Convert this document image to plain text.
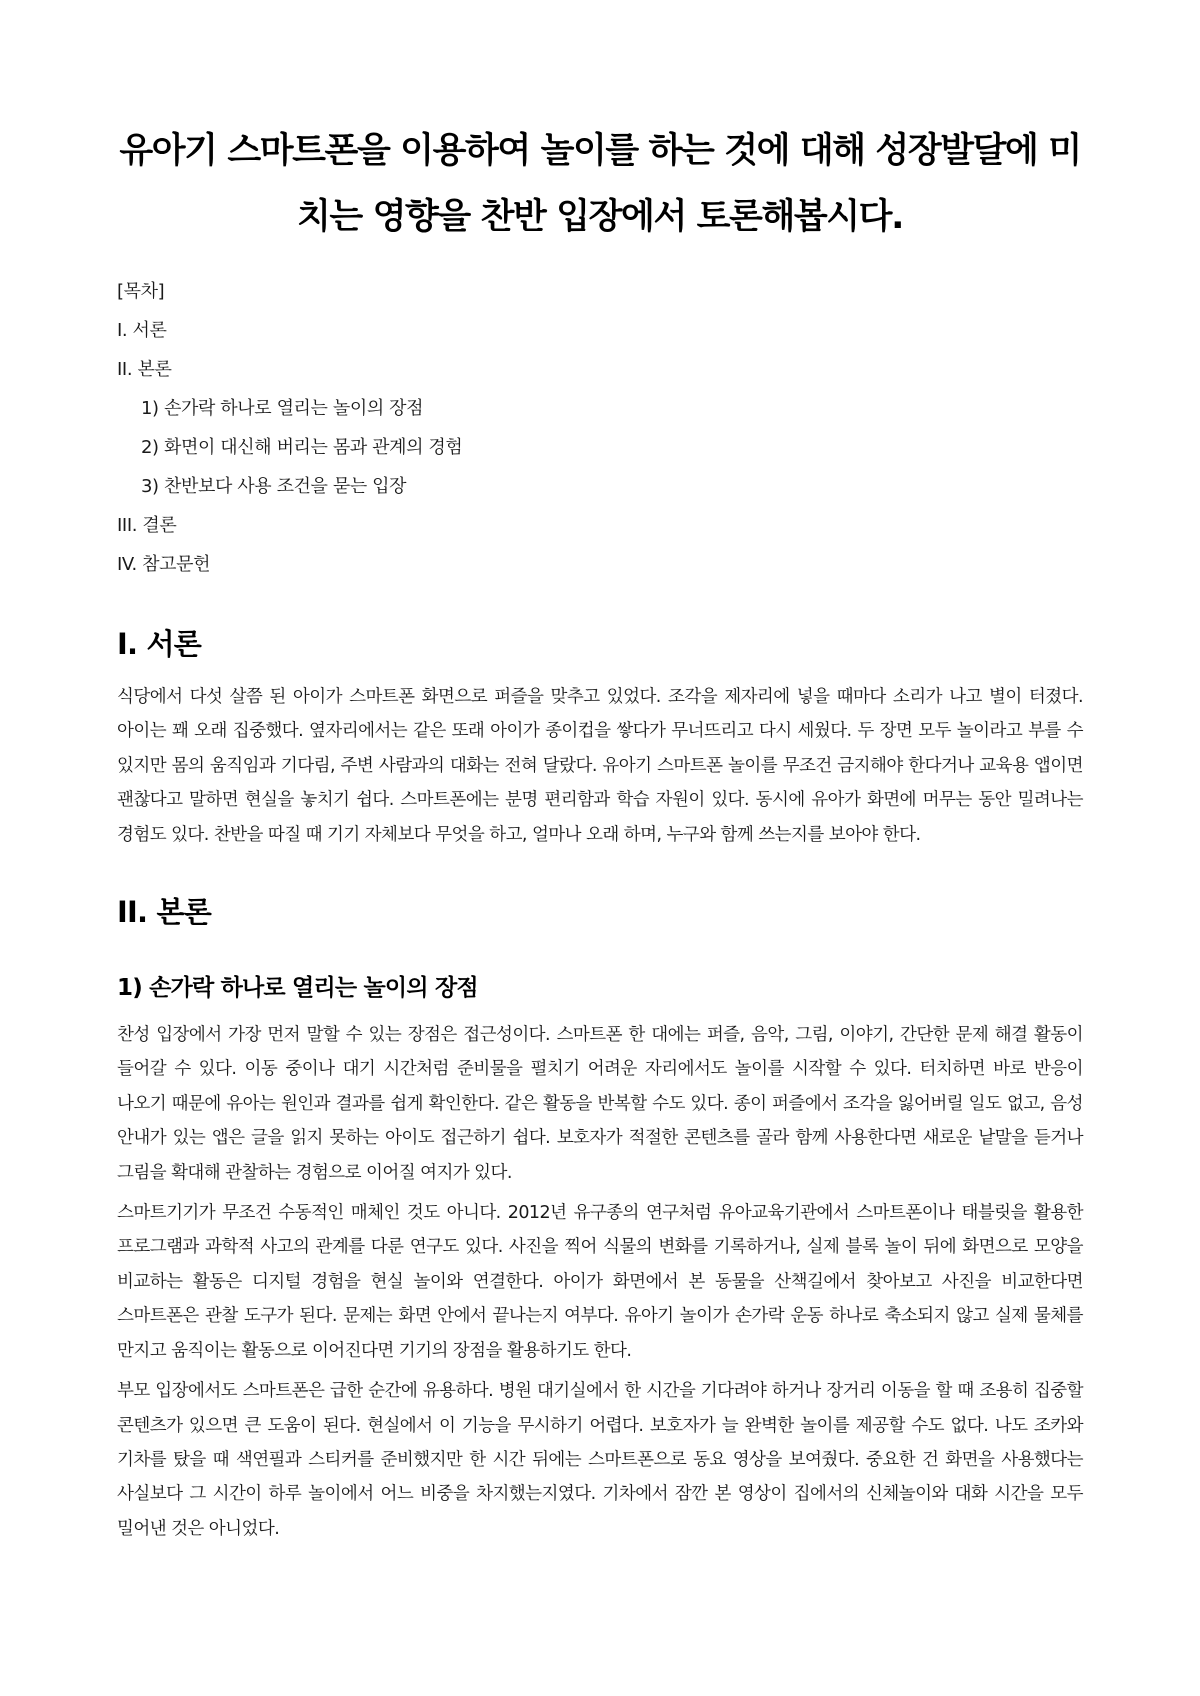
유아기 스마트폰을 이용하여 놀이를 하는 것에 대해 성장발달에 미치는 영향을 찬반 입장에서 토론해봅시다.
[목차]
I. 서론
II. 본론
1) 손가락 하나로 열리는 놀이의 장점
2) 화면이 대신해 버리는 몸과 관계의 경험
3) 찬반보다 사용 조건을 묻는 입장
III. 결론
IV. 참고문헌
I. 서론

식당에서 다섯 살쯤 된 아이가 스마트폰 화면으로 퍼즐을 맞추고 있었다. 조각을 제자리에 넣을 때마다 소리가 나고 별이 터졌다. 아이는 꽤 오래 집중했다. 옆자리에서는 같은 또래 아이가 종이컵을 쌓다가 무너뜨리고 다시 세웠다. 두 장면 모두 놀이라고 부를 수 있지만 몸의 움직임과 기다림, 주변 사람과의 대화는 전혀 달랐다. 유아기 스마트폰 놀이를 무조건 금지해야 한다거나 교육용 앱이면 괜찮다고 말하면 현실을 놓치기 쉽다. 스마트폰에는 분명 편리함과 학습 자원이 있다. 동시에 유아가 화면에 머무는 동안 밀려나는 경험도 있다. 찬반을 따질 때 기기 자체보다 무엇을 하고, 얼마나 오래 하며, 누구와 함께 쓰는지를 보아야 한다.

II. 본론
1) 손가락 하나로 열리는 놀이의 장점

찬성 입장에서 가장 먼저 말할 수 있는 장점은 접근성이다. 스마트폰 한 대에는 퍼즐, 음악, 그림, 이야기, 간단한 문제 해결 활동이 들어갈 수 있다. 이동 중이나 대기 시간처럼 준비물을 펼치기 어려운 자리에서도 놀이를 시작할 수 있다. 터치하면 바로 반응이 나오기 때문에 유아는 원인과 결과를 쉽게 확인한다. 같은 활동을 반복할 수도 있다. 종이 퍼즐에서 조각을 잃어버릴 일도 없고, 음성 안내가 있는 앱은 글을 읽지 못하는 아이도 접근하기 쉽다. 보호자가 적절한 콘텐츠를 골라 함께 사용한다면 새로운 낱말을 듣거나 그림을 확대해 관찰하는 경험으로 이어질 여지가 있다.

스마트기기가 무조건 수동적인 매체인 것도 아니다. 2012년 유구종의 연구처럼 유아교육기관에서 스마트폰이나 태블릿을 활용한 프로그램과 과학적 사고의 관계를 다룬 연구도 있다. 사진을 찍어 식물의 변화를 기록하거나, 실제 블록 놀이 뒤에 화면으로 모양을 비교하는 활동은 디지털 경험을 현실 놀이와 연결한다. 아이가 화면에서 본 동물을 산책길에서 찾아보고 사진을 비교한다면 스마트폰은 관찰 도구가 된다. 문제는 화면 안에서 끝나는지 여부다. 유아기 놀이가 손가락 운동 하나로 축소되지 않고 실제 물체를 만지고 움직이는 활동으로 이어진다면 기기의 장점을 활용하기도 한다.

부모 입장에서도 스마트폰은 급한 순간에 유용하다. 병원 대기실에서 한 시간을 기다려야 하거나 장거리 이동을 할 때 조용히 집중할 콘텐츠가 있으면 큰 도움이 된다. 현실에서 이 기능을 무시하기 어렵다. 보호자가 늘 완벽한 놀이를 제공할 수도 없다. 나도 조카와 기차를 탔을 때 색연필과 스티커를 준비했지만 한 시간 뒤에는 스마트폰으로 동요 영상을 보여줬다. 중요한 건 화면을 사용했다는 사실보다 그 시간이 하루 놀이에서 어느 비중을 차지했는지였다. 기차에서 잠깐 본 영상이 집에서의 신체놀이와 대화 시간을 모두 밀어낸 것은 아니었다.
